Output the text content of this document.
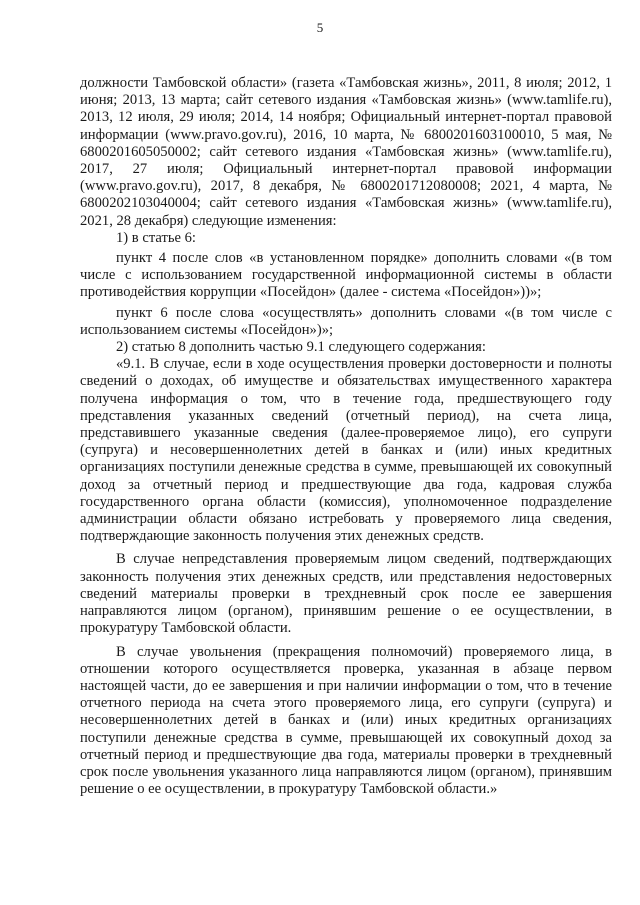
5

должности Тамбовской области» (газета «Тамбовская жизнь», 2011, 8 июля; 2012, 1 июня; 2013, 13 марта; сайт сетевого издания «Тамбовская жизнь» (www.tamlife.ru), 2013, 12 июля, 29 июля; 2014, 14 ноября; Официальный интернет-портал правовой информации (www.pravo.gov.ru), 2016, 10 марта, № 6800201603100010, 5 мая, № 6800201605050002; сайт сетевого издания «Тамбовская жизнь» (www.tamlife.ru), 2017, 27 июля; Официальный интернет-портал правовой информации (www.pravo.gov.ru), 2017, 8 декабря, № 6800201712080008; 2021, 4 марта, № 6800202103040004; сайт сетевого издания «Тамбовская жизнь» (www.tamlife.ru), 2021, 28 декабря) следующие изменения:

1) в статье 6:

пункт 4 после слов «в установленном порядке» дополнить словами «(в том числе с использованием государственной информационной системы в области противодействия коррупции «Посейдон» (далее - система «Посейдон»))»;

пункт 6 после слова «осуществлять» дополнить словами «(в том числе с использованием системы «Посейдон»)»;

2) статью 8 дополнить частью 9.1 следующего содержания:

«9.1. В случае, если в ходе осуществления проверки достоверности и полноты сведений о доходах, об имуществе и обязательствах имущественного характера получена информация о том, что в течение года, предшествующего году представления указанных сведений (отчетный период), на счета лица, представившего указанные сведения (далее-проверяемое лицо), его супруги (супруга) и несовершеннолетних детей в банках и (или) иных кредитных организациях поступили денежные средства в сумме, превышающей их совокупный доход за отчетный период и предшествующие два года, кадровая служба государственного органа области (комиссия), уполномоченное подразделение администрации области обязано истребовать у проверяемого лица сведения, подтверждающие законность получения этих денежных средств.

В случае непредставления проверяемым лицом сведений, подтверждающих законность получения этих денежных средств, или представления недостоверных сведений материалы проверки в трехдневный срок после ее завершения направляются лицом (органом), принявшим решение о ее осуществлении, в прокуратуру Тамбовской области.

В случае увольнения (прекращения полномочий) проверяемого лица, в отношении которого осуществляется проверка, указанная в абзаце первом настоящей части, до ее завершения и при наличии информации о том, что в течение отчетного периода на счета этого проверяемого лица, его супруги (супруга) и несовершеннолетних детей в банках и (или) иных кредитных организациях поступили денежные средства в сумме, превышающей их совокупный доход за отчетный период и предшествующие два года, материалы проверки в трехдневный срок после увольнения указанного лица направляются лицом (органом), принявшим решение о ее осуществлении, в прокуратуру Тамбовской области.»
